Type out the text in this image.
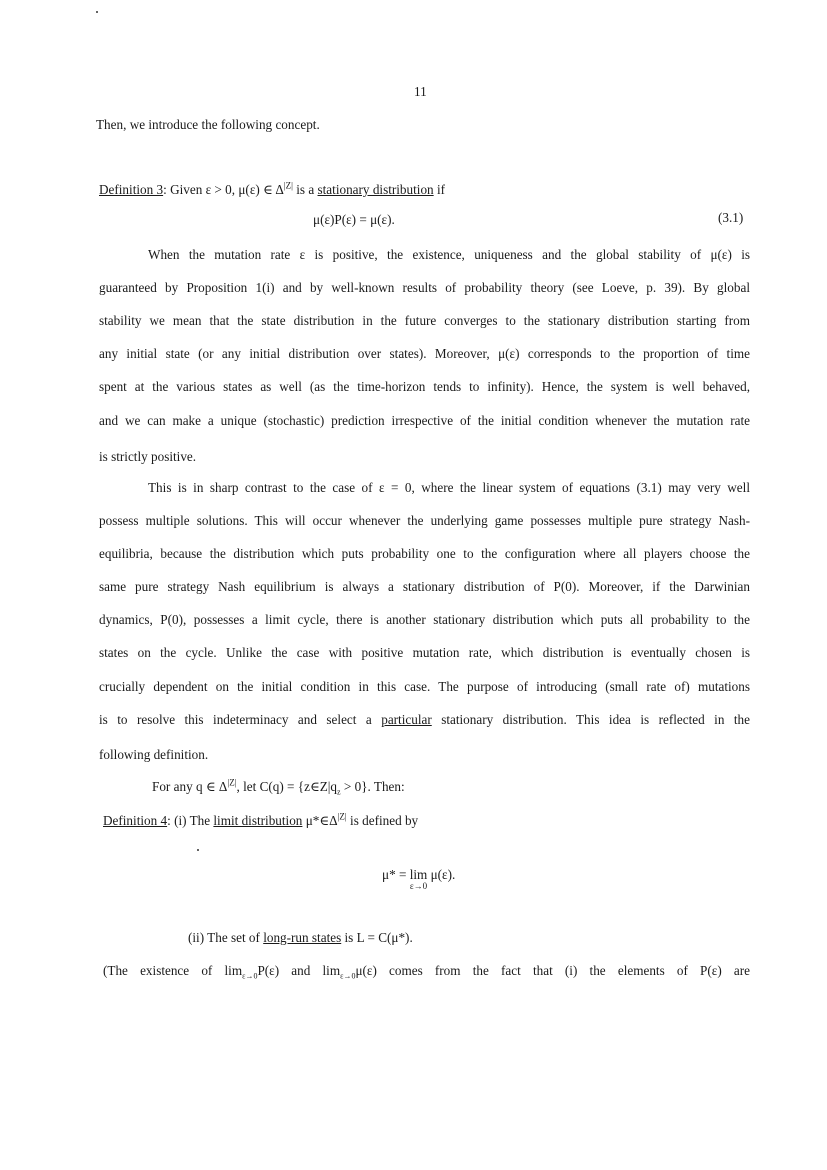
11
Then, we introduce the following concept.
Definition 3: Given ε > 0, μ(ε) ∈ $\Delta^{|Z|}$ is a stationary distribution if
μ(ε)P(ε) = μ(ε).	(3.1)
When the mutation rate ε is positive, the existence, uniqueness and the global stability of μ(ε) is
guaranteed by Proposition 1(i) and by well-known results of probability theory (see Loeve, p. 39). By global
stability we mean that the state distribution in the future converges to the stationary distribution starting from
any initial state (or any initial distribution over states). Moreover, μ(ε) corresponds to the proportion of time
spent at the various states as well (as the time-horizon tends to infinity). Hence, the system is well behaved,
and we can make a unique (stochastic) prediction irrespective of the initial condition whenever the mutation rate
is strictly positive.
This is in sharp contrast to the case of ε = 0, where the linear system of equations (3.1) may very well
possess multiple solutions. This will occur whenever the underlying game possesses multiple pure strategy Nash-
equilibria, because the distribution which puts probability one to the configuration where all players choose the
same pure strategy Nash equilibrium is always a stationary distribution of P(0). Moreover, if the Darwinian
dynamics, P(0), possesses a limit cycle, there is another stationary distribution which puts all probability to the
states on the cycle. Unlike the case with positive mutation rate, which distribution is eventually chosen is
crucially dependent on the initial condition in this case. The purpose of introducing (small rate of) mutations
is to resolve this indeterminacy and select a particular stationary distribution. This idea is reflected in the
following definition.
For any q ∈ $\Delta^{|Z|}$, let $C(q) = \{z\in Z|q_z > 0\}$. Then:
Definition 4: (i) The limit distribution $\mu*\in\Delta^{|Z|}$ is defined by
μ* = lim
ε→0
μ(ε).
(ii) The set of long-run states is L = C(μ*).
(The existence of $\lim_{\varepsilon\to 0}P(\varepsilon)$ and $\lim_{\varepsilon\to 0}\mu(\varepsilon)$ comes from the fact that (i) the elements of P(ε) are
